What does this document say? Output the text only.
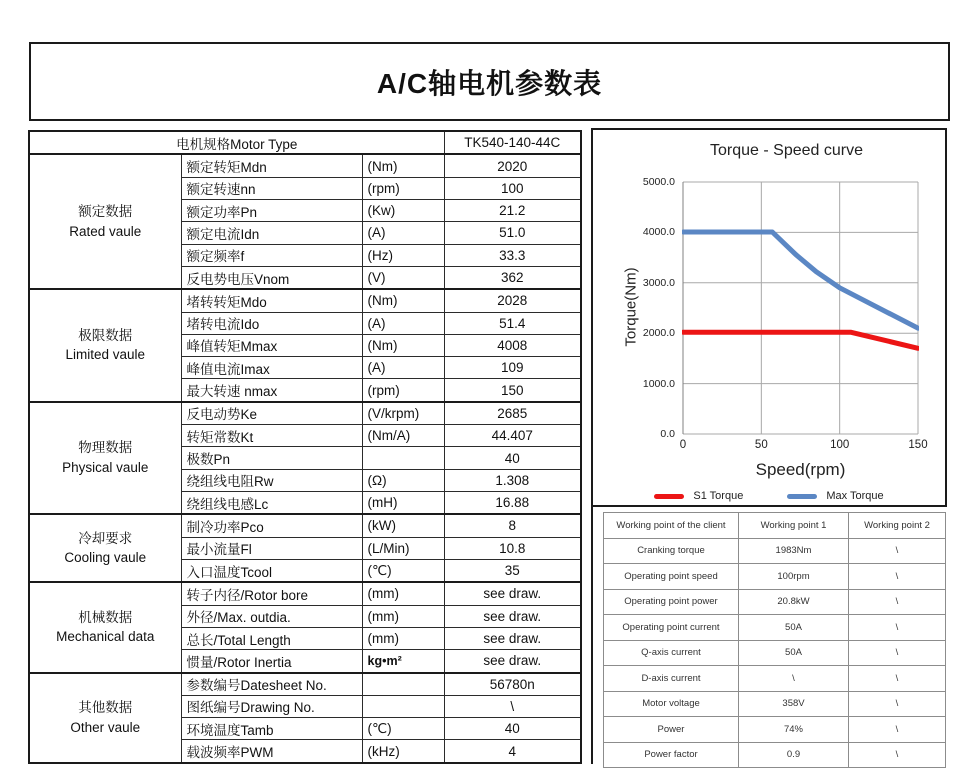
A/C轴电机参数表
电机规格Motor Type			TK540-140-44C

额定数据
Rated vaule	额定转矩Mdn	(Nm)	2020
	额定转速nn	(rpm)	100
	额定功率Pn	(Kw)	21.2
	额定电流Idn	(A)	51.0
	额定频率f	(Hz)	33.3
	反电势电压Vnom	(V)	362

极限数据
Limited vaule	堵转转矩Mdo	(Nm)	2028
	堵转电流Ido	(A)	51.4
	峰值转矩Mmax	(Nm)	4008
	峰值电流Imax	(A)	109
	最大转速 nmax	(rpm)	150

物理数据
Physical vaule	反电动势Ke	(V/krpm)	2685
	转矩常数Kt	(Nm/A)	44.407
	极数Pn		40
	绕组线电阻Rw	(Ω)	1.308
	绕组线电感Lc	(mH)	16.88

冷却要求
Cooling vaule	制冷功率Pco	(kW)	8
	最小流量Fl	(L/Min)	10.8
	入口温度Tcool	(℃)	35

机械数据
Mechanical data	转子内径/Rotor bore	(mm)	see draw.
	外径/Max. outdia.	(mm)	see draw.
	总长/Total Length	(mm)	see draw.
	惯量/Rotor Inertia	kg•m²	see draw.

其他数据
Other vaule	参数编号Datesheet No.		56780n
	图纸编号Drawing No.		\
	环境温度Tamb	(℃)	40
	载波频率PWM	(kHz)	4
Torque - Speed curve
Torque(Nm)
0.0
1000.0
2000.0
3000.0
4000.0
5000.0
0	50	100	150
Speed(rpm)
S1 Torque	Max Torque
Working point of the client	Working point 1	Working point 2
Cranking torque	1983Nm	\
Operating point speed	100rpm	\
Operating point power	20.8kW	\
Operating point current	50A	\
Q-axis current	50A	\
D-axis current	\	\
Motor voltage	358V	\
Power	74%	\
Power factor	0.9	\
